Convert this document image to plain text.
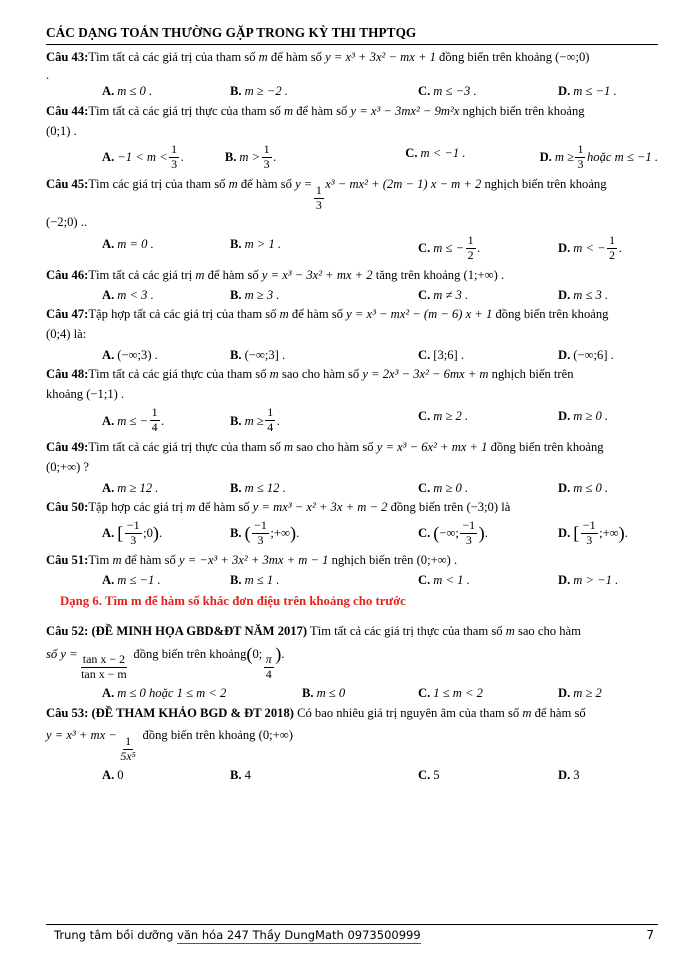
CÁC DẠNG TOÁN THƯỜNG GẶP TRONG KỲ THI THPTQG
Câu 43:Tìm tất cả các giá trị của tham số m để hàm số y = x³ + 3x² − mx + 1 đồng biến trên khoảng (−∞;0)
.
A. m ≤ 0 .	B. m ≥ −2 .	C. m ≤ −3 .	D. m ≤ −1 .
Câu 44:Tìm tất cả các giá trị thực của tham số m để hàm số y = x³ − 3mx² − 9m²x nghịch biến trên khoảng
(0;1) .
A. $-1 < m < \frac{1}{3}$ .	B. $m > \frac{1}{3}$ .	C. m < −1 .	D. $m \ge \frac{1}{3}$ hoặc m ≤ −1 .
Câu 45:Tìm các giá trị của tham số m để hàm số y =
$\frac{1}{3}$
x³ − mx² + (2m − 1) x − m + 2 nghịch biến trên khoảng
(−2;0) ..
A. m = 0 .	B. m > 1 .	C. m ≤ − $\frac{1}{2}$ .	D. m < − $\frac{1}{2}$ .
Câu 46:Tìm tất cả các giá trị m để hàm số y = x³ − 3x² + mx + 2 tăng trên khoảng (1;+∞) .
A. m < 3 .	B. m ≥ 3 .	C. m ≠ 3 .	D. m ≤ 3 .
Câu 47:Tập hợp tất cả các giá trị của tham số m để hàm số y = x³ − mx² − (m − 6) x + 1 đồng biến trên khoảng
(0;4) là:
A. (−∞;3) .	B. (−∞;3] .	C. [3;6] .	D. (−∞;6] .
Câu 48:Tìm tất cả các giá thực của tham số m sao cho hàm số y = 2x³ − 3x² − 6mx + m nghịch biến trên
khoảng (−1;1) .
A. m ≤ − $\frac{1}{4}$ .	B. $m \ge \frac{1}{4}$ .	C. m ≥ 2 .	D. m ≥ 0 .
Câu 49:Tìm tất cả các giá trị thực của tham số m sao cho hàm số y = x³ − 6x² + mx + 1 đồng biến trên khoảng
(0;+∞) ?
A. m ≥ 12 .	B. m ≤ 12 .	C. m ≥ 0 .	D. m ≤ 0 .
Câu 50:Tập hợp các giá trị m để hàm số y = mx³ − x² + 3x + m − 2 đồng biến trên (−3;0) là
A. [ $\frac{-1}{3}$ ;0 ) .	B. ( $\frac{-1}{3}$ ;+∞ ) .	C. ( −∞; $\frac{-1}{3}$ ) .	D. [ $\frac{-1}{3}$ ;+∞ ) .
Câu 51:Tìm m để hàm số y = −x³ + 3x² + 3mx + m − 1 nghịch biến trên (0;+∞) .
A. m ≤ −1 .	B. m ≤ 1 .	C. m < 1 .	D. m > −1 .
Dạng 6. Tìm m để hàm số khác đơn điệu trên khoảng cho trước
Câu 52: (ĐỀ MINH HỌA GBD&ĐT NĂM 2017) Tìm tất cả các giá trị thực của tham số m sao cho hàm
số y =
$\frac{\text{tan x − 2}}{\text{tan x − m}}$
đồng biến trên khoảng(0;
$\frac{\pi}{4}$
).
A. m ≤ 0 hoặc 1 ≤ m < 2	B. m ≤ 0	C. 1 ≤ m < 2	D. m ≥ 2
Câu 53: (ĐỀ THAM KHẢO BGD & ĐT 2018) Có bao nhiêu giá trị nguyên âm của tham số m để hàm số
y = x³ + mx −
$\frac{1}{\text{5x⁵}}$
đồng biến trên khoảng (0;+∞)
A. 0	B. 4	C. 5	D. 3
Trung tâm bồi dưỡng văn hóa 247 Thầy DungMath 0973500999	7
